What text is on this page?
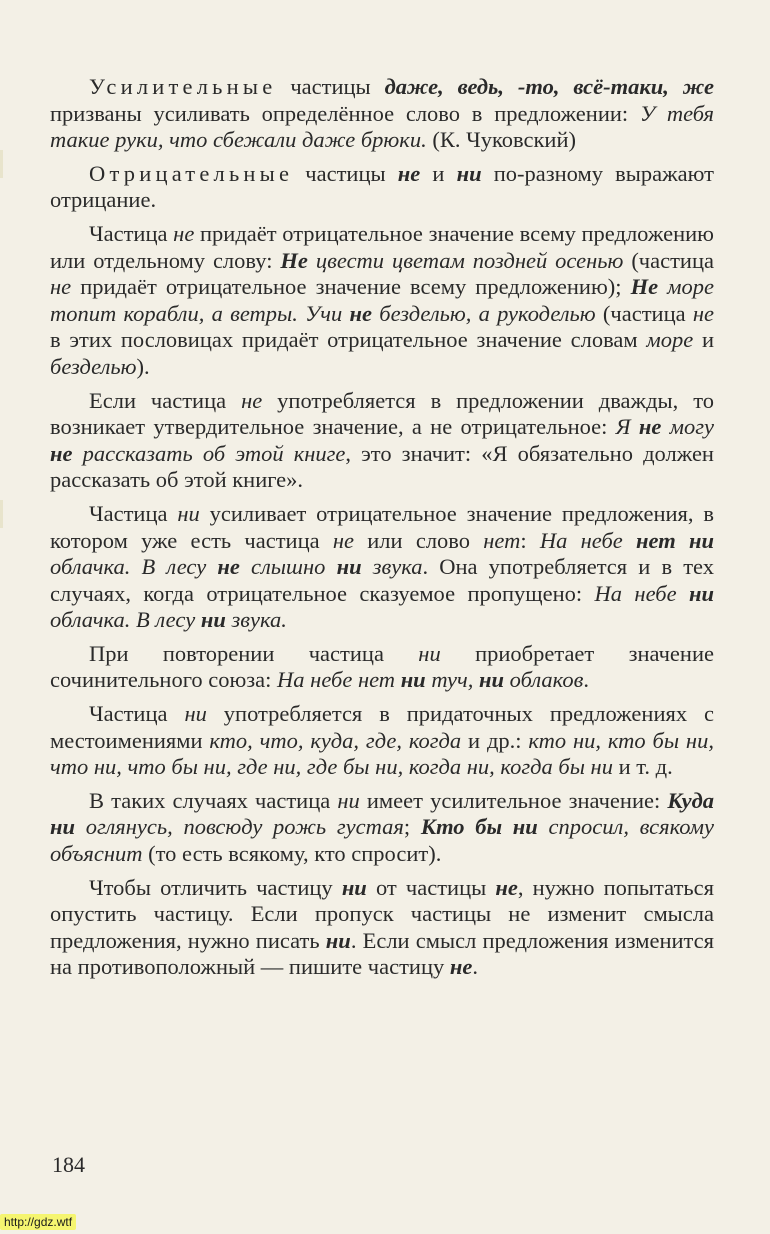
Усилительные частицы даже, ведь, -то, всё-таки, же призваны усиливать определённое слово в предложении: У тебя такие руки, что сбежали даже брюки. (К. Чуковский)

Отрицательные частицы не и ни по-разному выражают отрицание.

Частица не придаёт отрицательное значение всему предложению или отдельному слову: Не цвести цветам поздней осенью (частица не придаёт отрицательное значение всему предложению); Не море топит корабли, а ветры. Учи не безделью, а рукоделью (частица не в этих пословицах придаёт отрицательное значение словам море и безделью).

Если частица не употребляется в предложении дважды, то возникает утвердительное значение, а не отрицательное: Я не могу не рассказать об этой книге, это значит: «Я обязательно должен рассказать об этой книге».

Частица ни усиливает отрицательное значение предложения, в котором уже есть частица не или слово нет: На небе нет ни облачка. В лесу не слышно ни звука. Она употребляется и в тех случаях, когда отрицательное сказуемое пропущено: На небе ни облачка. В лесу ни звука.

При повторении частица ни приобретает значение сочинительного союза: На небе нет ни туч, ни облаков.

Частица ни употребляется в придаточных предложениях с местоимениями кто, что, куда, где, когда и др.: кто ни, кто бы ни, что ни, что бы ни, где ни, где бы ни, когда ни, когда бы ни и т. д.

В таких случаях частица ни имеет усилительное значение: Куда ни оглянусь, повсюду рожь густая; Кто бы ни спросил, всякому объяснит (то есть всякому, кто спросит).

Чтобы отличить частицу ни от частицы не, нужно попытаться опустить частицу. Если пропуск частицы не изменит смысла предложения, нужно писать ни. Если смысл предложения изменится на противоположный — пишите частицу не.

184
http://gdz.wtf
